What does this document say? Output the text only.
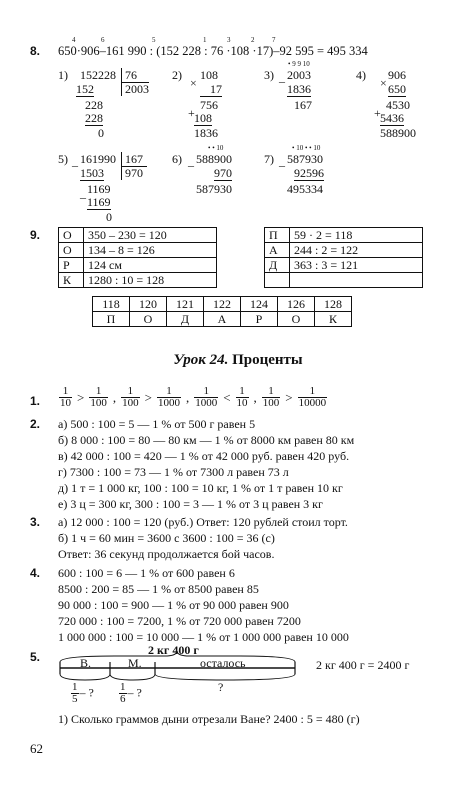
8.
4	6	5	1	3	2	7
650·906–161 990 : (152 228 : 76 ·108 ·17)–92 595 = 495 334
1) 152228 76
152	2003
228
228
0
2) 108
×	17
756
+ 108
1836
3)
• 9 9 10
_ 2003
1836
167
4) 906
× 650
4530
+ 5436
588900
5) _ 161990 167
1503 970
_ 1169
1169
0
6)
• • 10
_ 588900
970
587930
7)
• 10 • • 10
_ 587930
92596
495334
9. О	350 – 230 = 120
О	134 – 8 = 126
Р	124 см
К	1280 : 10 = 128
П	59 · 2 = 118
А	244 : 2 = 122
Д	363 : 3 = 121

118	120	121	122	124	126	128
П	О	Д	А	Р	О	К
Урок 24. Проценты
1. $\frac{1}{10} > \frac{1}{100}$ , $\frac{1}{100} > \frac{1}{1000}$ , $\frac{1}{1000} < \frac{1}{10}$ , $\frac{1}{100} > \frac{1}{10000}$
2. а) 500 : 100 = 5 — 1 % от 500 г равен 5
б) 8 000 : 100 = 80 — 80 км — 1 % от 8000 км равен 80 км
в) 42 000 : 100 = 420 — 1 % от 42 000 руб. равен 420 руб.
г) 7300 : 100 = 73 — 1 % от 7300 л равен 73 л
д) 1 т = 1 000 кг, 100 : 100 = 10 кг, 1 % от 1 т равен 10 кг
е) 3 ц = 300 кг, 300 : 100 = 3 — 1 % от 3 ц равен 3 кг
3. а) 12 000 : 100 = 120 (руб.) Ответ: 120 рублей стоил торт.
б) 1 ч = 60 мин = 3600 с 3600 : 100 = 36 (с)
Ответ: 36 секунд продолжается бой часов.
4. 600 : 100 = 6 — 1 % от 600 равен 6
8500 : 200 = 85 — 1 % от 8500 равен 85
90 000 : 100 = 900 — 1 % от 90 000 равен 900
720 000 : 100 = 7200, 1 % от 720 000 равен 7200
1 000 000 : 100 = 10 000 — 1 % от 1 000 000 равен 10 000
5.	2 кг 400 г
В.	М.	осталось
?
$\frac{1}{5}$ – ? $\frac{1}{6}$ – ?
2 кг 400 г = 2400 г
1) Сколько граммов дыни отрезали Ване? 2400 : 5 = 480 (г)
62
